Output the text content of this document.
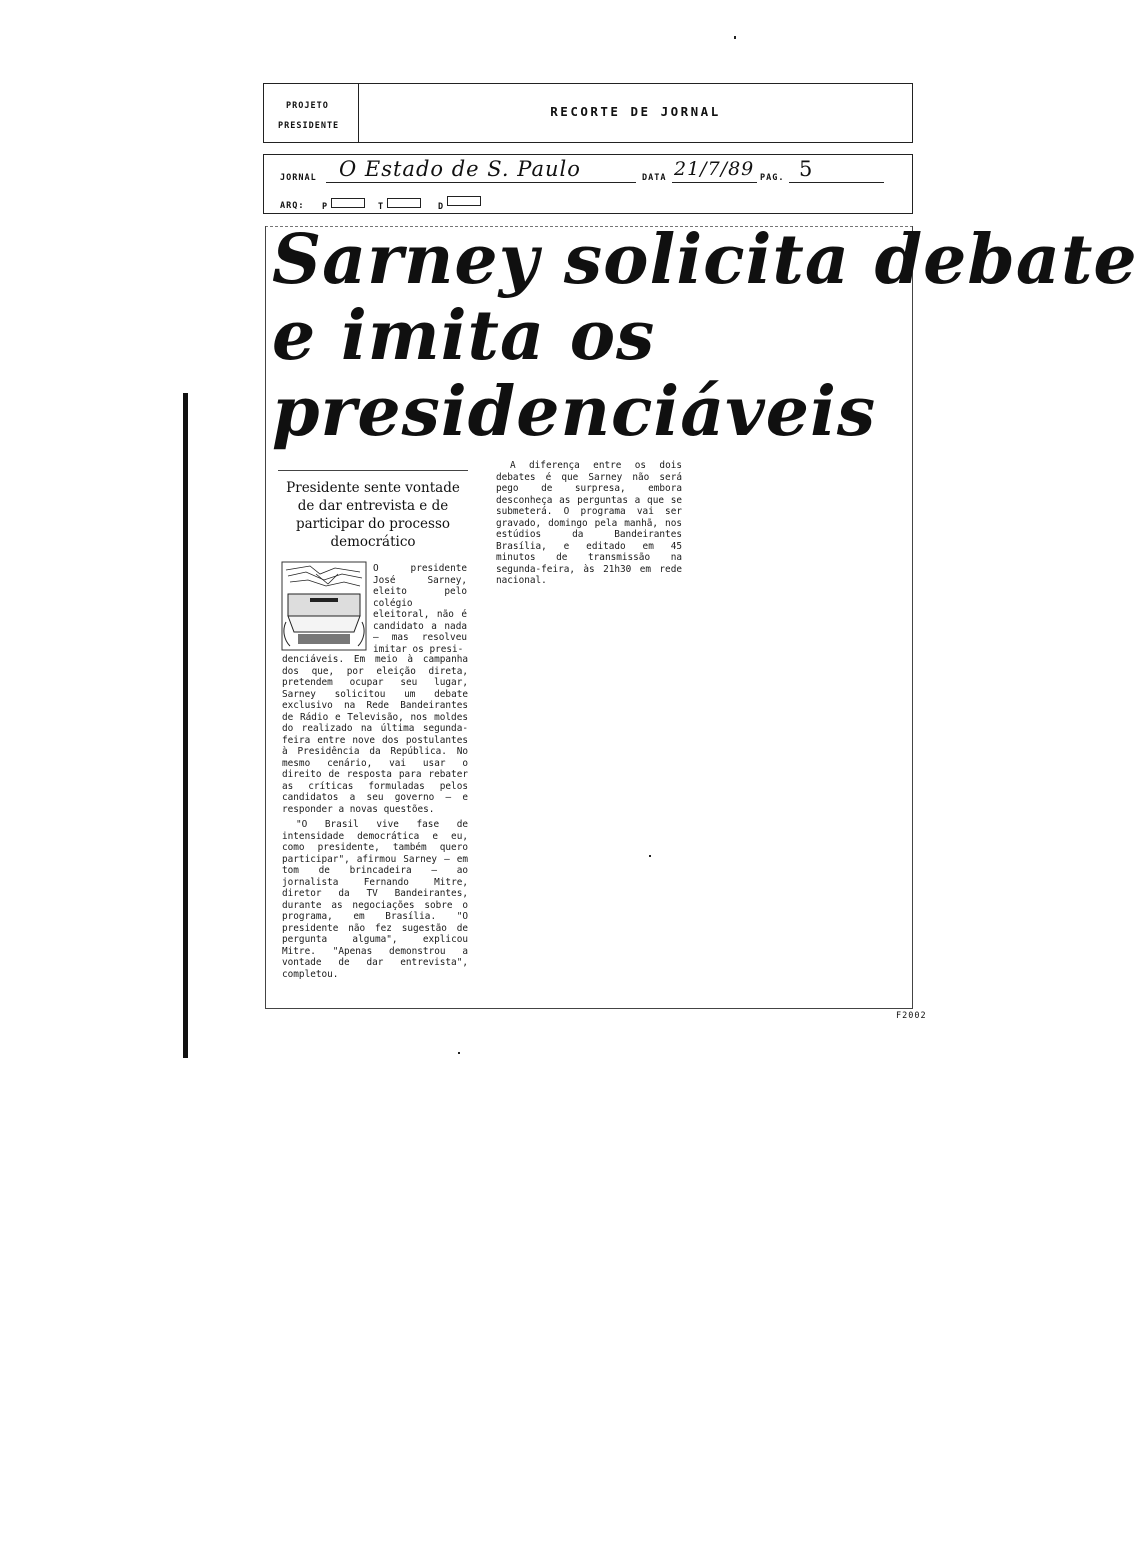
PROJETO
PRESIDENTE
RECORTE DE JORNAL
JORNAL O Estado de S. Paulo	DATA 21/7/89 PAG. 5
ARQ: P	T	D
Sarney solicita debate
e imita os
presidenciáveis
Presidente sente vontade de dar entrevista e de participar do processo democrático

O presidente José Sarney, eleito pelo colégio eleitoral, não é candidato a nada — mas resolveu imitar os presi-

denciáveis. Em meio à campanha dos que, por eleição direta, pretendem ocupar seu lugar, Sarney solicitou um debate exclusivo na Rede Bandeirantes de Rádio e Televisão, nos moldes do realizado na última segunda-feira entre nove dos postulantes à Presidência da República. No mesmo cenário, vai usar o direito de resposta para rebater as críticas formuladas pelos candidatos a seu governo — e responder a novas questões.

"O Brasil vive fase de intensidade democrática e eu, como presidente, também quero participar", afirmou Sarney — em tom de brincadeira — ao jornalista Fernando Mitre, diretor da TV Bandeirantes, durante as negociações sobre o programa, em Brasília. "O presidente não fez sugestão de pergunta alguma", explicou Mitre. "Apenas demonstrou a vontade de dar entrevista", completou.

A diferença entre os dois debates é que Sarney não será pego de surpresa, embora desconheça as perguntas a que se submeterá. O programa vai ser gravado, domingo pela manhã, nos estúdios da Bandeirantes Brasília, e editado em 45 minutos de transmissão na segunda-feira, às 21h30 em rede nacional.

F2002
